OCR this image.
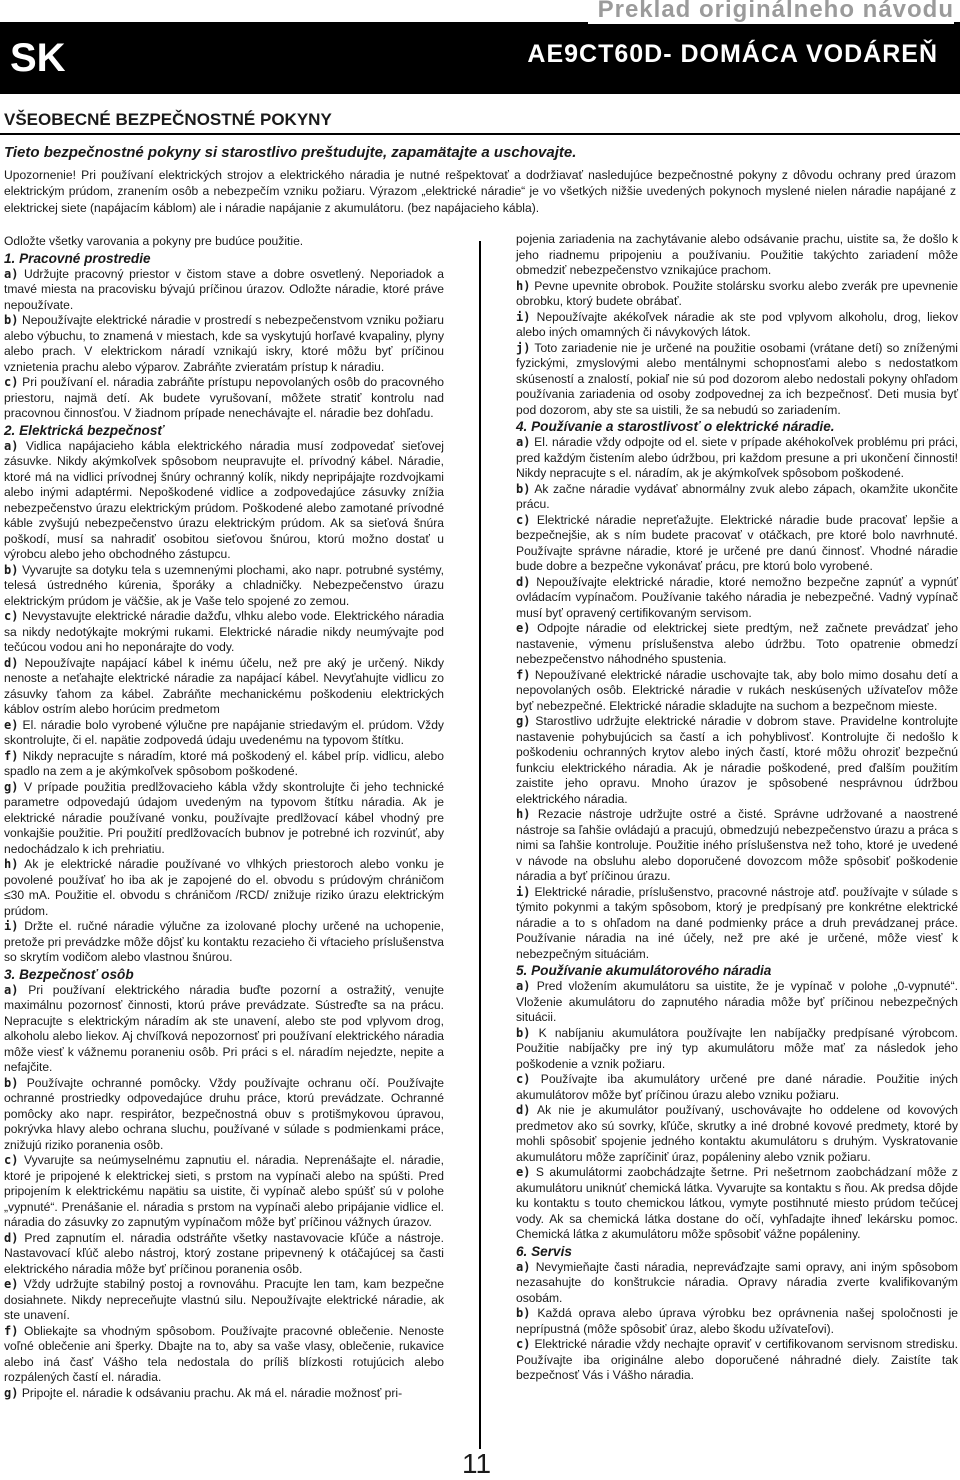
SK
Preklad originálneho návodu
AE9CT60D- DOMÁCA VODÁREŇ
VŠEOBECNÉ BEZPEČNOSTNÉ POKYNY
Tieto bezpečnostné pokyny si starostlivo preštudujte, zapamätajte a uschovajte.
Upozornenie! Pri používaní elektrických strojov a elektrického náradia je nutné rešpektovať a dodržiavať nasledujúce bezpečnostné pokyny z dôvodu ochrany pred úrazom elektrickým prúdom, zranením osôb a nebezpečím vzniku požiaru. Výrazom „elektrické náradie“ je vo všetkých nižšie uvedených pokynoch myslené nielen náradie napájané z elektrickej siete (napájacím káblom) ale i náradie napájanie z akumulátoru. (bez napájacieho kábla).

Odložte všetky varovania a pokyny pre budúce použitie.

1. Pracovné prostredie

a) Udržujte pracovný priestor v čistom stave a dobre osvetlený. Neporiadok a tmavé miesta na pracovisku bývajú príčinou úrazov. Odložte náradie, ktoré práve nepoužívate.

b) Nepoužívajte elektrické náradie v prostredí s nebezpečenstvom vzniku požiaru alebo výbuchu, to znamená v miestach, kde sa vyskytujú horľavé kvapaliny, plyny alebo prach. V elektrickom náradí vznikajú iskry, ktoré môžu byť príčinou vznietenia prachu alebo výparov. Zabráňte zvieratám prístup k náradiu.

c) Pri používaní el. náradia zabráňte prístupu nepovolaných osôb do pracovného priestoru, najmä detí. Ak budete vyrušovaní, môžete stratiť kontrolu nad pracovnou činnosťou. V žiadnom prípade nenechávajte el. náradie bez dohľadu.

2. Elektrická bezpečnosť

a) Vidlica napájacieho kábla elektrického náradia musí zodpovedať sieťovej zásuvke. Nikdy akýmkoľvek spôsobom neupravujte el. prívodný kábel. Náradie, ktoré má na vidlici prívodnej šnúry ochranný kolík, nikdy nepripájajte rozdvojkami alebo inými adaptérmi. Nepoškodené vidlice a zodpovedajúce zásuvky znížia nebezpečenstvo úrazu elektrickým prúdom. Poškodené alebo zamotané prívodné káble zvyšujú nebezpečenstvo úrazu elektrickým prúdom. Ak sa sieťová šnúra poškodí, musí sa nahradiť osobitou sieťovou šnúrou, ktorú možno dostať u výrobcu alebo jeho obchodného zástupcu.

b) Vyvarujte sa dotyku tela s uzemnenými plochami, ako napr. potrubné systémy, telesá ústredného kúrenia, šporáky a chladničky. Nebezpečenstvo úrazu elektrickým prúdom je väčšie, ak je Vaše telo spojené zo zemou.

c) Nevystavujte elektrické náradie dažďu, vlhku alebo vode. Elektrického náradia sa nikdy nedotýkajte mokrými rukami. Elektrické náradie nikdy neumývajte pod tečúcou vodou ani ho neponárajte do vody.

d) Nepoužívajte napájací kábel k inému účelu, než pre aký je určený. Nikdy nenoste a neťahajte elektrické náradie za napájací kábel. Nevyťahujte vidlicu zo zásuvky ťahom za kábel. Zabráňte mechanickému poškodeniu elektrických káblov ostrím alebo horúcim predmetom

e) El. náradie bolo vyrobené výlučne pre napájanie striedavým el. prúdom. Vždy skontrolujte, či el. napätie zodpovedá údaju uvedenému na typovom štítku.

f) Nikdy nepracujte s náradím, ktoré má poškodený el. kábel príp. vidlicu, alebo spadlo na zem a je akýmkoľvek spôsobom poškodené.

g) V prípade použitia predlžovacieho kábla vždy skontrolujte či jeho technické parametre odpovedajú údajom uvedeným na typovom štítku náradia. Ak je elektrické náradie používané vonku, používajte predlžovací kábel vhodný pre vonkajšie použitie. Pri použití predlžovacích bubnov je potrebné ich rozvinúť, aby nedochádzalo k ich prehriatiu.

h) Ak je elektrické náradie používané vo vlhkých priestoroch alebo vonku je povolené používať ho iba ak je zapojené do el. obvodu s prúdovým chráničom ≤30 mA. Použitie el. obvodu s chráničom /RCD/ znižuje riziko úrazu elektrickým prúdom.

i) Držte el. ručné náradie výlučne za izolované plochy určené na uchopenie, pretože pri prevádzke môže dôjsť ku kontaktu rezacieho či vŕtacieho príslušenstva so skrytím vodičom alebo vlastnou šnúrou.

3. Bezpečnosť osôb

a) Pri používaní elektrického náradia buďte pozorní a ostražitý, venujte maximálnu pozornosť činnosti, ktorú práve prevádzate. Sústreďte sa na prácu. Nepracujte s elektrickým náradím ak ste unavení, alebo ste pod vplyvom drog, alkoholu alebo liekov. Aj chvíľková nepozornosť pri používaní elektrického náradia môže viesť k vážnemu poraneniu osôb. Pri práci s el. náradím nejedzte, nepite a nefajčite.

b) Používajte ochranné pomôcky. Vždy používajte ochranu očí. Používajte ochranné prostriedky odpovedajúce druhu práce, ktorú prevádzate. Ochranné pomôcky ako napr. respirátor, bezpečnostná obuv s protišmykovou úpravou, pokrývka hlavy alebo ochrana sluchu, používané v súlade s podmienkami práce, znižujú riziko poranenia osôb.

c) Vyvarujte sa neúmyselnému zapnutiu el. náradia. Neprenášajte el. náradie, ktoré je pripojené k elektrickej sieti, s prstom na vypínači alebo na spúšti. Pred pripojením k elektrickému napätiu sa uistite, či vypínač alebo spúšť sú v polohe „vypnuté“. Prenášanie el. náradia s prstom na vypínači alebo pripájanie vidlice el. náradia do zásuvky zo zapnutým vypínačom môže byť príčinou vážnych úrazov.

d) Pred zapnutím el. náradia odstráňte všetky nastavovacie kľúče a nástroje. Nastavovací kľúč alebo nástroj, ktorý zostane pripevnený k otáčajúcej sa časti elektrického náradia môže byť príčinou poranenia osôb.

e) Vždy udržujte stabilný postoj a rovnováhu. Pracujte len tam, kam bezpečne dosiahnete. Nikdy nepreceňujte vlastnú silu. Nepoužívajte elektrické náradie, ak ste unavení.

f) Obliekajte sa vhodným spôsobom. Používajte pracovné oblečenie. Nenoste voľné oblečenie ani šperky. Dbajte na to, aby sa vaše vlasy, oblečenie, rukavice alebo iná časť Vášho tela nedostala do príliš blízkosti rotujúcich alebo rozpálených častí el. náradia.

g) Pripojte el. náradie k odsávaniu prachu. Ak má el. náradie možnosť pri-

pojenia zariadenia na zachytávanie alebo odsávanie prachu, uistite sa, že došlo k jeho riadnemu pripojeniu a používaniu. Použitie takýchto zariadení môže obmedziť nebezpečenstvo vznikajúce prachom.

h) Pevne upevnite obrobok. Použite stolársku svorku alebo zverák pre upevnenie obrobku, ktorý budete obrábať.

i) Nepoužívajte akékoľvek náradie ak ste pod vplyvom alkoholu, drog, liekov alebo iných omamných či návykových látok.

j) Toto zariadenie nie je určené na použitie osobami (vrátane detí) so zníženými fyzickými, zmyslovými alebo mentálnymi schopnosťami alebo s nedostatkom skúseností a znalostí, pokiaľ nie sú pod dozorom alebo nedostali pokyny ohľadom používania zariadenia od osoby zodpovednej za ich bezpečnosť. Deti musia byť pod dozorom, aby ste sa uistili, že sa nebudú so zariadením.

4. Používanie a starostlivosť o elektrické náradie.

a) El. náradie vždy odpojte od el. siete v prípade akéhokoľvek problému pri práci, pred každým čistením alebo údržbou, pri každom presune a pri ukončení činnosti! Nikdy nepracujte s el. náradím, ak je akýmkoľvek spôsobom poškodené.

b) Ak začne náradie vydávať abnormálny zvuk alebo zápach, okamžite ukončite prácu.

c) Elektrické náradie nepreťažujte. Elektrické náradie bude pracovať lepšie a bezpečnejšie, ak s ním budete pracovať v otáčkach, pre ktoré bolo navrhnuté. Používajte správne náradie, ktoré je určené pre danú činnosť. Vhodné náradie bude dobre a bezpečne vykonávať prácu, pre ktorú bolo vyrobené.

d) Nepoužívajte elektrické náradie, ktoré nemožno bezpečne zapnúť a vypnúť ovládacím vypínačom. Používanie takého náradia je nebezpečné. Vadný vypínač musí byť opravený certifikovaným servisom.

e) Odpojte náradie od elektrickej siete predtým, než začnete prevádzať jeho nastavenie, výmenu príslušenstva alebo údržbu. Toto opatrenie obmedzí nebezpečenstvo náhodného spustenia.

f) Nepoužívané elektrické náradie uschovajte tak, aby bolo mimo dosahu detí a nepovolaných osôb. Elektrické náradie v rukách neskúsených užívateľov môže byť nebezpečné. Elektrické náradie skladujte na suchom a bezpečnom mieste.

g) Starostlivo udržujte elektrické náradie v dobrom stave. Pravidelne kontrolujte nastavenie pohybujúcich sa častí a ich pohyblivosť. Kontrolujte či nedošlo k poškodeniu ochranných krytov alebo iných častí, ktoré môžu ohroziť bezpečnú funkciu elektrického náradia. Ak je náradie poškodené, pred ďalším použitím zaistite jeho opravu. Mnoho úrazov je spôsobené nesprávnou údržbou elektrického náradia.

h) Rezacie nástroje udržujte ostré a čisté. Správne udržované a naostrené nástroje sa ľahšie ovládajú a pracujú, obmedzujú nebezpečenstvo úrazu a práca s nimi sa ľahšie kontroluje. Použitie iného príslušenstva než toho, ktoré je uvedené v návode na obsluhu alebo doporučené dovozcom môže spôsobiť poškodenie náradia a byť príčinou úrazu.

i) Elektrické náradie, príslušenstvo, pracovné nástroje atď. používajte v súlade s týmito pokynmi a takým spôsobom, ktorý je predpísaný pre konkrétne elektrické náradie a to s ohľadom na dané podmienky práce a druh prevádzanej práce. Používanie náradia na iné účely, než pre aké je určené, môže viesť k nebezpečným situáciám.

5. Používanie akumulátorového náradia

a) Pred vložením akumulátoru sa uistite, že je vypínač v polohe „0-vypnuté“. Vloženie akumulátoru do zapnutého náradia môže byť príčinou nebezpečných situácii.

b) K nabíjaniu akumulátora používajte len nabíjačky predpísané výrobcom. Použitie nabíjačky pre iný typ akumulátoru môže mať za následok jeho poškodenie a vznik požiaru.

c) Používajte iba akumulátory určené pre dané náradie. Použitie iných akumulátorov môže byť príčinou úrazu alebo vzniku požiaru.

d) Ak nie je akumulátor používaný, uschovávajte ho oddelene od kovových predmetov ako sú sovrky, kľúče, skrutky a iné drobné kovové predmety, ktoré by mohli spôsobiť spojenie jedného kontaktu akumulátoru s druhým. Vyskratovanie akumulátoru môže zapríčiniť úraz, popáleniny alebo vznik požiaru.

e) S akumulátormi zaobchádzajte šetrne. Pri nešetrnom zaobchádzaní môže z akumulátoru uniknúť chemická látka. Vyvarujte sa kontaktu s ňou. Ak predsa dôjde ku kontaktu s touto chemickou látkou, vymyte postihnuté miesto prúdom tečúcej vody. Ak sa chemická látka dostane do očí, vyhľadajte ihneď lekársku pomoc. Chemická látka z akumulátoru môže spôsobiť vážne popáleniny.

6. Servis

a) Nevymieňajte časti náradia, nepreváďzajte sami opravy, ani iným spôsobom nezasahujte do konštrukcie náradia. Opravy náradia zverte kvalifikovaným osobám.

b) Každá oprava alebo úprava výrobku bez oprávnenia našej spoločnosti je neprípustná (môže spôsobiť úraz, alebo škodu užívateľovi).

c) Elektrické náradie vždy nechajte opraviť v certifikovanom servisnom stredisku. Používajte iba originálne alebo doporučené náhradné diely. Zaistíte tak bezpečnosť Vás i Vášho náradia.

11
